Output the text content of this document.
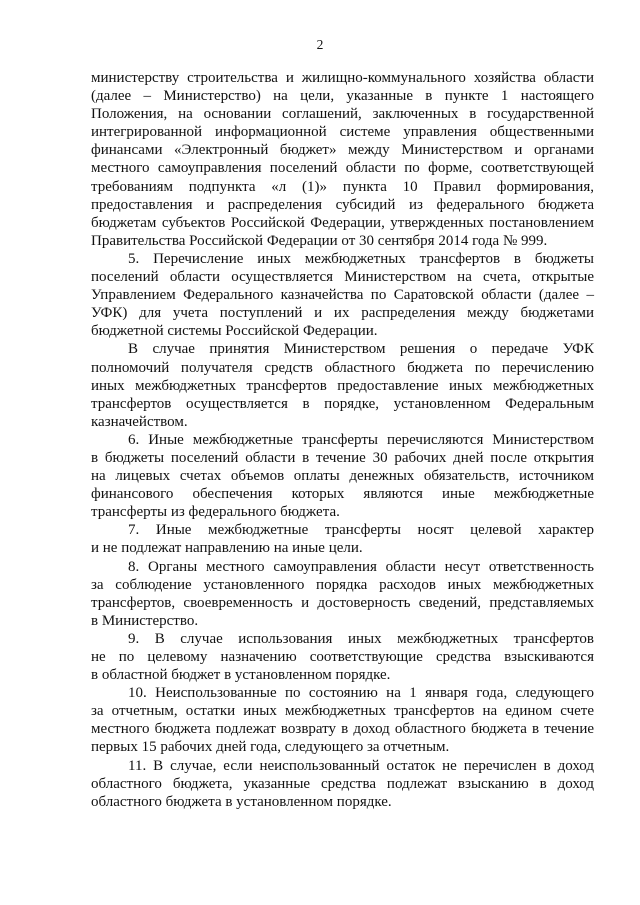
2

министерству строительства и жилищно-коммунального хозяйства области

(далее – Министерство) на цели, указанные в пункте 1 настоящего

Положения, на основании соглашений, заключенных в государственной

интегрированной информационной системе управления общественными

финансами «Электронный бюджет» между Министерством и органами

местного самоуправления поселений области по форме, соответствующей

требованиям подпункта «л (1)» пункта 10 Правил формирования,

предоставления и распределения субсидий из федерального бюджета

бюджетам субъектов Российской Федерации, утвержденных постановлением

Правительства Российской Федерации от 30 сентября 2014 года № 999.

5. Перечисление иных межбюджетных трансфертов в бюджеты

поселений области осуществляется Министерством на счета, открытые

Управлением Федерального казначейства по Саратовской области (далее –

УФК) для учета поступлений и их распределения между бюджетами

бюджетной системы Российской Федерации.

В случае принятия Министерством решения о передаче УФК

полномочий получателя средств областного бюджета по перечислению

иных межбюджетных трансфертов предоставление иных межбюджетных

трансфертов осуществляется в порядке, установленном Федеральным

казначейством.

6. Иные межбюджетные трансферты перечисляются Министерством

в бюджеты поселений области в течение 30 рабочих дней после открытия

на лицевых счетах объемов оплаты денежных обязательств, источником

финансового обеспечения которых являются иные межбюджетные

трансферты из федерального бюджета.

7. Иные межбюджетные трансферты носят целевой характер

и не подлежат направлению на иные цели.

8. Органы местного самоуправления области несут ответственность

за соблюдение установленного порядка расходов иных межбюджетных

трансфертов, своевременность и достоверность сведений, представляемых

в Министерство.

9. В случае использования иных межбюджетных трансфертов

не по целевому назначению соответствующие средства взыскиваются

в областной бюджет в установленном порядке.

10. Неиспользованные по состоянию на 1 января года, следующего

за отчетным, остатки иных межбюджетных трансфертов на едином счете

местного бюджета подлежат возврату в доход областного бюджета в течение

первых 15 рабочих дней года, следующего за отчетным.

11. В случае, если неиспользованный остаток не перечислен в доход

областного бюджета, указанные средства подлежат взысканию в доход

областного бюджета в установленном порядке.
